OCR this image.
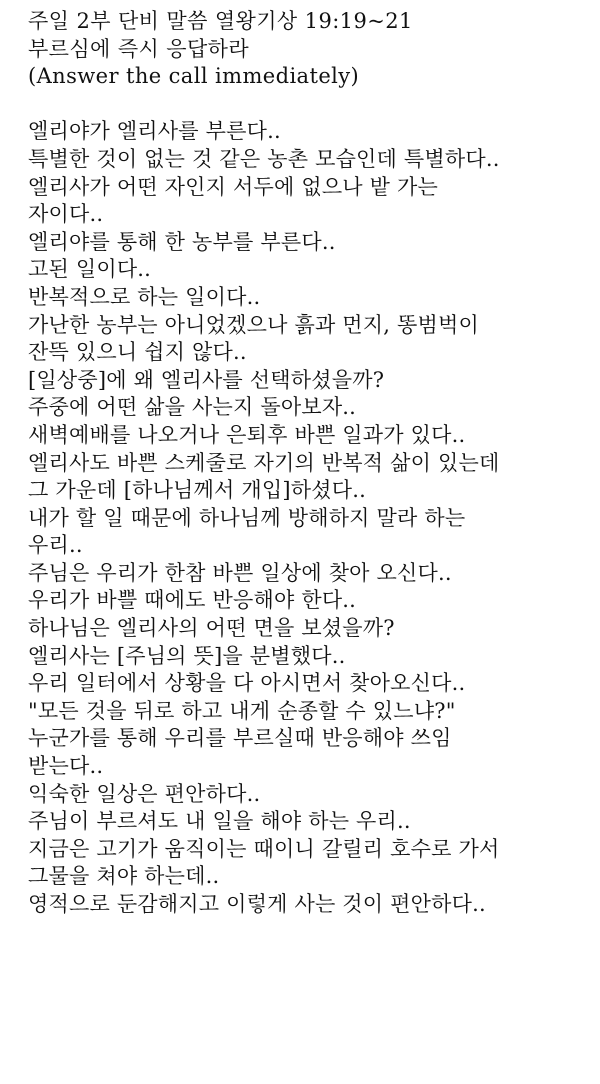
주일 2부 단비 말씀 열왕기상 19:19~21
부르심에 즉시 응답하라
(Answer the call immediately)
엘리야가 엘리사를 부른다..
특별한 것이 없는 것 같은 농촌 모습인데 특별하다..
엘리사가 어떤 자인지 서두에 없으나 밭 가는
자이다..
엘리야를 통해 한 농부를 부른다..
고된 일이다..
반복적으로 하는 일이다..
가난한 농부는 아니었겠으나 흙과 먼지, 똥범벅이
잔뜩 있으니 쉽지 않다..
[일상중]에 왜 엘리사를 선택하셨을까?
주중에 어떤 삶을 사는지 돌아보자..
새벽예배를 나오거나 은퇴후 바쁜 일과가 있다..
엘리사도 바쁜 스케줄로 자기의 반복적 삶이 있는데
그 가운데 [하나님께서 개입]하셨다..
내가 할 일 때문에 하나님께 방해하지 말라 하는
우리..
주님은 우리가 한참 바쁜 일상에 찾아 오신다..
우리가 바쁠 때에도 반응해야 한다..
하나님은 엘리사의 어떤 면을 보셨을까?
엘리사는 [주님의 뜻]을 분별했다..
우리 일터에서 상황을 다 아시면서 찾아오신다..
"모든 것을 뒤로 하고 내게 순종할 수 있느냐?"
누군가를 통해 우리를 부르실때 반응해야 쓰임
받는다..
익숙한 일상은 편안하다..
주님이 부르셔도 내 일을 해야 하는 우리..
지금은 고기가 움직이는 때이니 갈릴리 호수로 가서
그물을 쳐야 하는데..
영적으로 둔감해지고 이렇게 사는 것이 편안하다..
